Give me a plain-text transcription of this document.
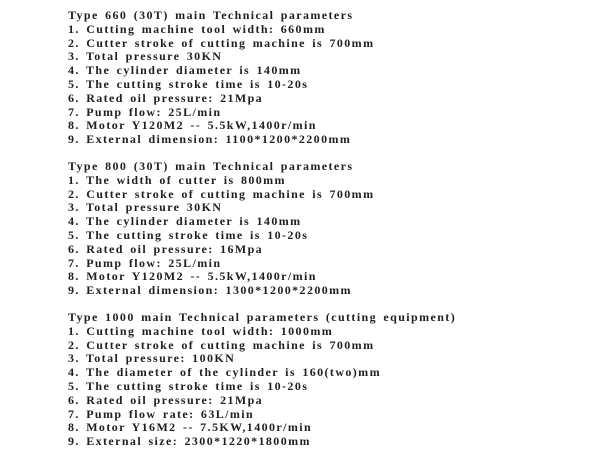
Type 660 (30T) main Technical parameters

1. Cutting machine tool width: 660mm

2. Cutter stroke of cutting machine is 700mm

3. Total pressure 30KN

4. The cylinder diameter is 140mm

5. The cutting stroke time is 10-20s

6. Rated oil pressure: 21Mpa

7. Pump flow: 25L/min

8. Motor Y120M2 -- 5.5kW,1400r/min

9. External dimension: 1100*1200*2200mm

Type 800 (30T) main Technical parameters

1. The width of cutter is 800mm

2. Cutter stroke of cutting machine is 700mm

3. Total pressure 30KN

4. The cylinder diameter is 140mm

5. The cutting stroke time is 10-20s

6. Rated oil pressure: 16Mpa

7. Pump flow: 25L/min

8. Motor Y120M2 -- 5.5kW,1400r/min

9. External dimension: 1300*1200*2200mm

Type 1000 main Technical parameters (cutting equipment)

1. Cutting machine tool width: 1000mm

2. Cutter stroke of cutting machine is 700mm

3. Total pressure: 100KN

4. The diameter of the cylinder is 160(two)mm

5. The cutting stroke time is 10-20s

6. Rated oil pressure: 21Mpa

7. Pump flow rate: 63L/min

8. Motor Y16M2 -- 7.5KW,1400r/min

9. External size: 2300*1220*1800mm
